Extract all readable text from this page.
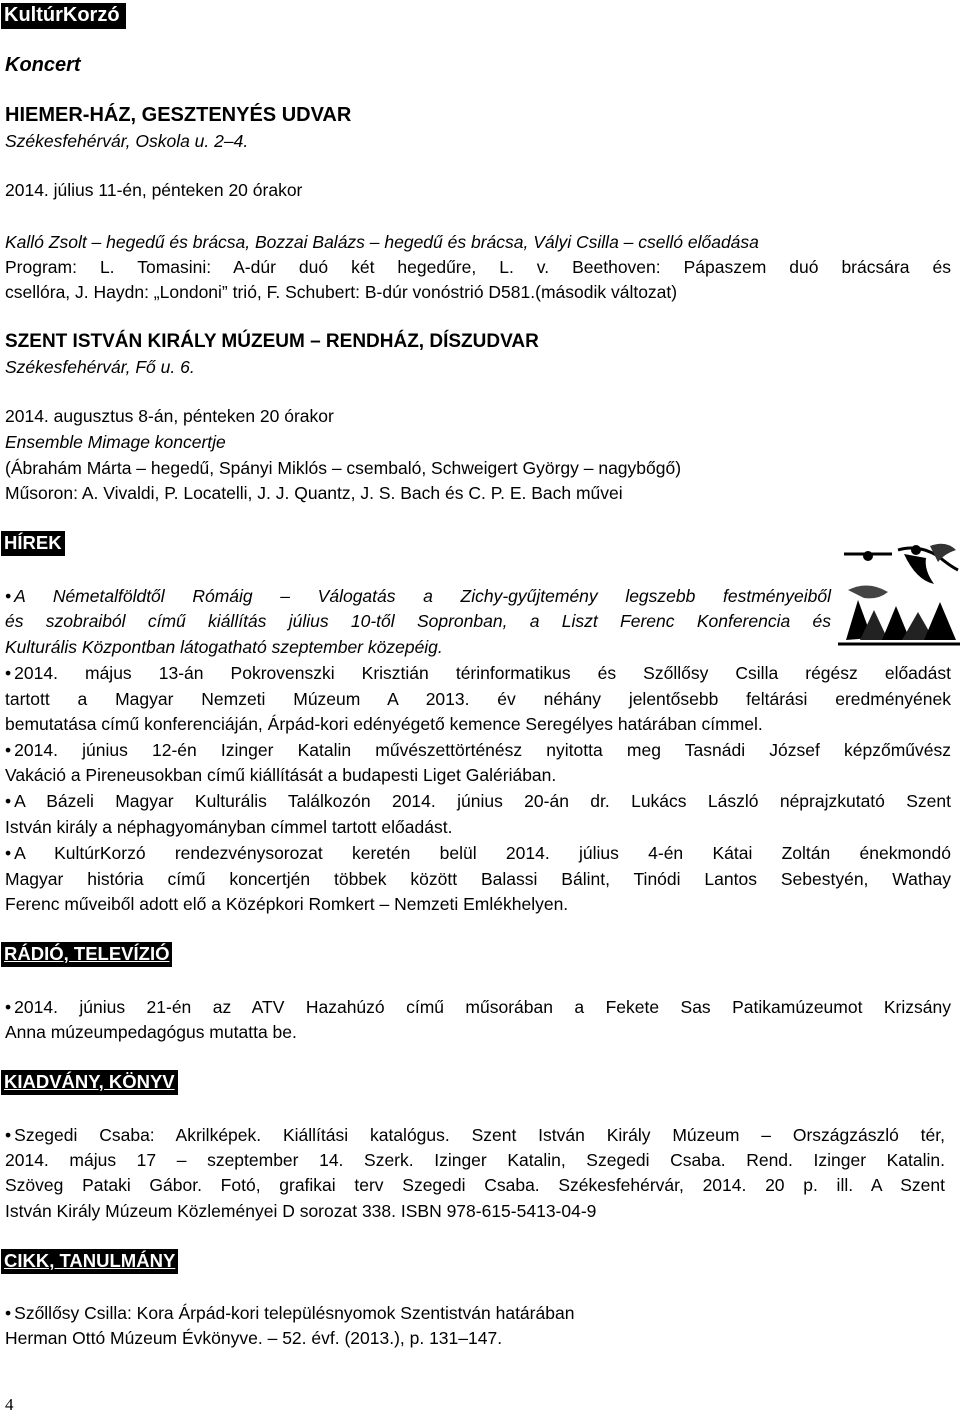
KultúrKorzó
Koncert
HIEMER-HÁZ, GESZTENYÉS UDVAR
Székesfehérvár, Oskola u. 2–4.
2014. július 11-én, pénteken 20 órakor
Kalló Zsolt – hegedű és brácsa, Bozzai Balázs – hegedű és brácsa, Vályi Csilla – cselló előadása
Program: L. Tomasini: A-dúr duó két hegedűre, L. v. Beethoven: Pápaszem duó brácsára és
csellóra, J. Haydn: „Londoni” trió, F. Schubert: B-dúr vonóstrió D581.(második változat)
SZENT ISTVÁN KIRÁLY MÚZEUM – RENDHÁZ, DÍSZUDVAR
Székesfehérvár, Fő u. 6.
2014. augusztus 8-án, pénteken 20 órakor
Ensemble Mimage koncertje
(Ábrahám Márta – hegedű, Spányi Miklós – csembaló, Schweigert György – nagybőgő)
Műsoron: A. Vivaldi, P. Locatelli, J. J. Quantz, J. S. Bach és C. P. E. Bach művei
HÍREK
• A Németalföldtől Rómáig – Válogatás a Zichy-gyűjtemény legszebb festményeiből
és szobraiból című kiállítás július 10-től Sopronban, a Liszt Ferenc Konferencia és
Kulturális Központban látogatható szeptember közepéig.
• 2014. május 13-án Pokrovenszki Krisztián térinformatikus és Szőllősy Csilla régész előadást
tartott a Magyar Nemzeti Múzeum A 2013. év néhány jelentősebb feltárási eredményének
bemutatása című konferenciáján, Árpád-kori edényégető kemence Seregélyes határában címmel.
• 2014. június 12-én Izinger Katalin művészettörténész nyitotta meg Tasnádi József képzőművész
Vakáció a Pireneusokban című kiállítását a budapesti Liget Galériában.
• A Bázeli Magyar Kulturális Találkozón 2014. június 20-án dr. Lukács László néprajzkutató Szent
István király a néphagyományban címmel tartott előadást.
• A KultúrKorzó rendezvénysorozat keretén belül 2014. július 4-én Kátai Zoltán énekmondó
Magyar história című koncertjén többek között Balassi Bálint, Tinódi Lantos Sebestyén, Wathay
Ferenc műveiből adott elő a Középkori Romkert – Nemzeti Emlékhelyen.
RÁDIÓ, TELEVÍZIÓ
• 2014. június 21-én az ATV Hazahúzó című műsorában a Fekete Sas Patikamúzeumot Krizsány
Anna múzeumpedagógus mutatta be.
KIADVÁNY, KÖNYV
• Szegedi Csaba: Akrilképek. Kiállítási katalógus. Szent István Király Múzeum – Országzászló tér,
2014. május 17 – szeptember 14. Szerk. Izinger Katalin, Szegedi Csaba. Rend. Izinger Katalin.
Szöveg Pataki Gábor. Fotó, grafikai terv Szegedi Csaba. Székesfehérvár, 2014. 20 p. ill. A Szent
István Király Múzeum Közleményei D sorozat 338. ISBN 978-615-5413-04-9
CIKK, TANULMÁNY
• Szőllősy Csilla: Kora Árpád-kori településnyomok Szentistván határában
Herman Ottó Múzeum Évkönyve. – 52. évf. (2013.), p. 131–147.
4
